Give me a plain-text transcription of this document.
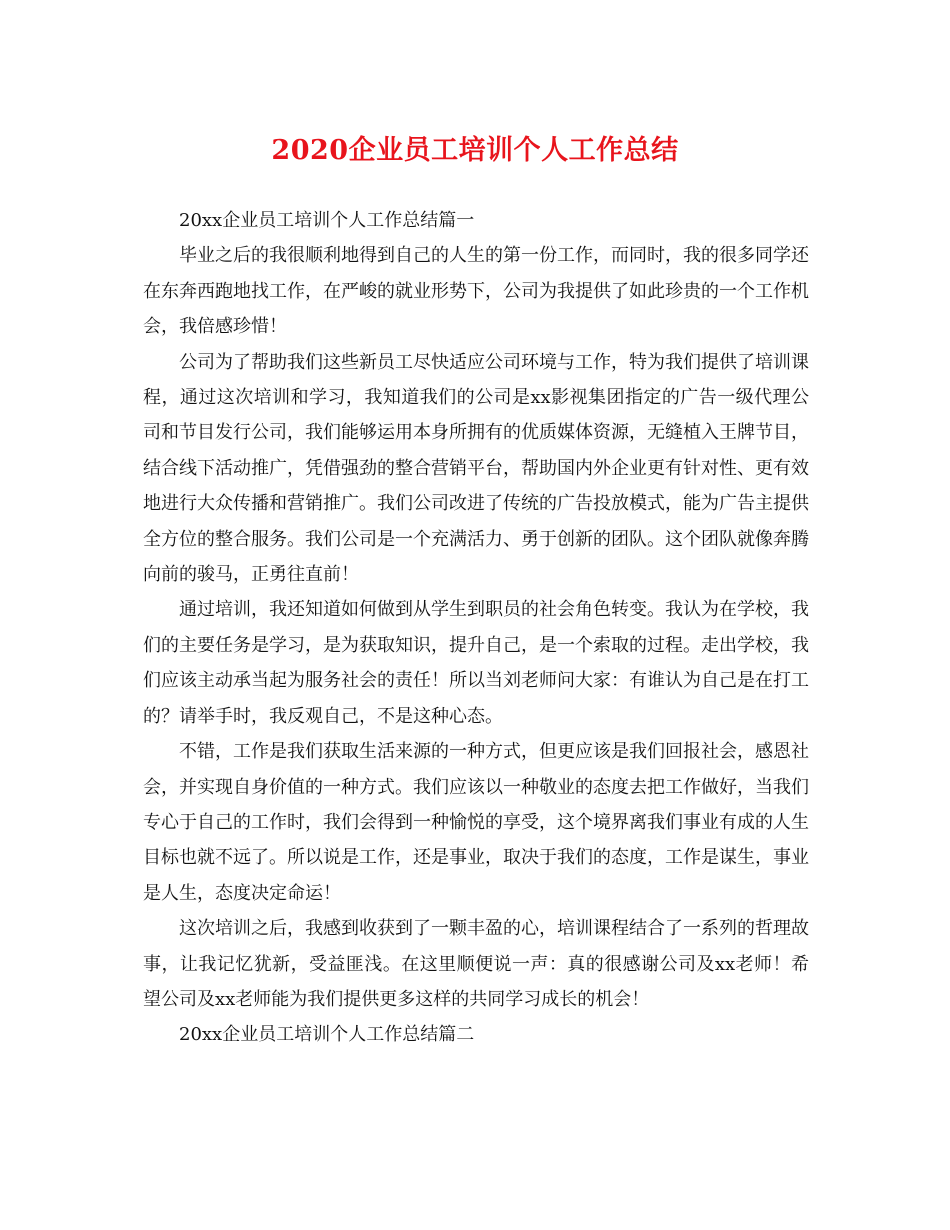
2020企业员工培训个人工作总结

20xx企业员工培训个人工作总结篇一

毕业之后的我很顺利地得到自己的人生的第一份工作，而同时，我的很多同学还在东奔西跑地找工作，在严峻的就业形势下，公司为我提供了如此珍贵的一个工作机会，我倍感珍惜！

公司为了帮助我们这些新员工尽快适应公司环境与工作，特为我们提供了培训课程，通过这次培训和学习，我知道我们的公司是xx影视集团指定的广告一级代理公司和节目发行公司，我们能够运用本身所拥有的优质媒体资源，无缝植入王牌节目，结合线下活动推广，凭借强劲的整合营销平台，帮助国内外企业更有针对性、更有效地进行大众传播和营销推广。我们公司改进了传统的广告投放模式，能为广告主提供全方位的整合服务。我们公司是一个充满活力、勇于创新的团队。这个团队就像奔腾向前的骏马，正勇往直前！

通过培训，我还知道如何做到从学生到职员的社会角色转变。我认为在学校，我们的主要任务是学习，是为获取知识，提升自己，是一个索取的过程。走出学校，我们应该主动承当起为服务社会的责任！所以当刘老师问大家：有谁认为自己是在打工的？请举手时，我反观自己，不是这种心态。

不错，工作是我们获取生活来源的一种方式，但更应该是我们回报社会，感恩社会，并实现自身价值的一种方式。我们应该以一种敬业的态度去把工作做好，当我们专心于自己的工作时，我们会得到一种愉悦的享受，这个境界离我们事业有成的人生目标也就不远了。所以说是工作，还是事业，取决于我们的态度，工作是谋生，事业是人生，态度决定命运！

这次培训之后，我感到收获到了一颗丰盈的心，培训课程结合了一系列的哲理故事，让我记忆犹新，受益匪浅。在这里顺便说一声：真的很感谢公司及xx老师！希望公司及xx老师能为我们提供更多这样的共同学习成长的机会！

20xx企业员工培训个人工作总结篇二
